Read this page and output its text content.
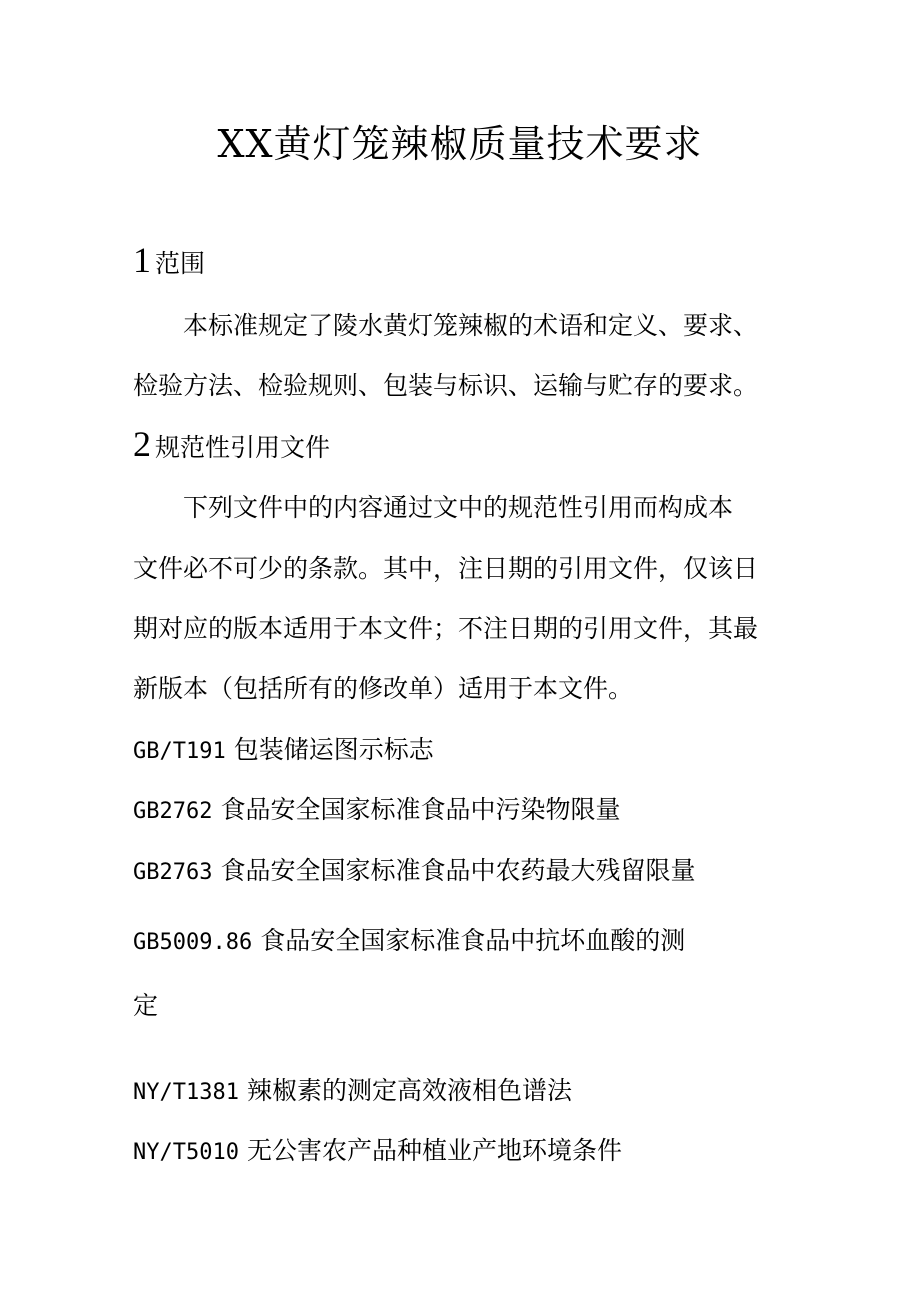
XX黄灯笼辣椒质量技术要求
1 范围
本标准规定了陵水黄灯笼辣椒的术语和定义、要求、
检验方法、检验规则、包装与标识、运输与贮存的要求。
2 规范性引用文件
下列文件中的内容通过文中的规范性引用而构成本
文件必不可少的条款。其中，注日期的引用文件，仅该日
期对应的版本适用于本文件；不注日期的引用文件，其最
新版本（包括所有的修改单）适用于本文件。
GB/T191 包装储运图示标志
GB2762 食品安全国家标准食品中污染物限量
GB2763 食品安全国家标准食品中农药最大残留限量
GB5009.86 食品安全国家标准食品中抗坏血酸的测
定
NY/T1381 辣椒素的测定高效液相色谱法
NY/T5010 无公害农产品种植业产地环境条件
